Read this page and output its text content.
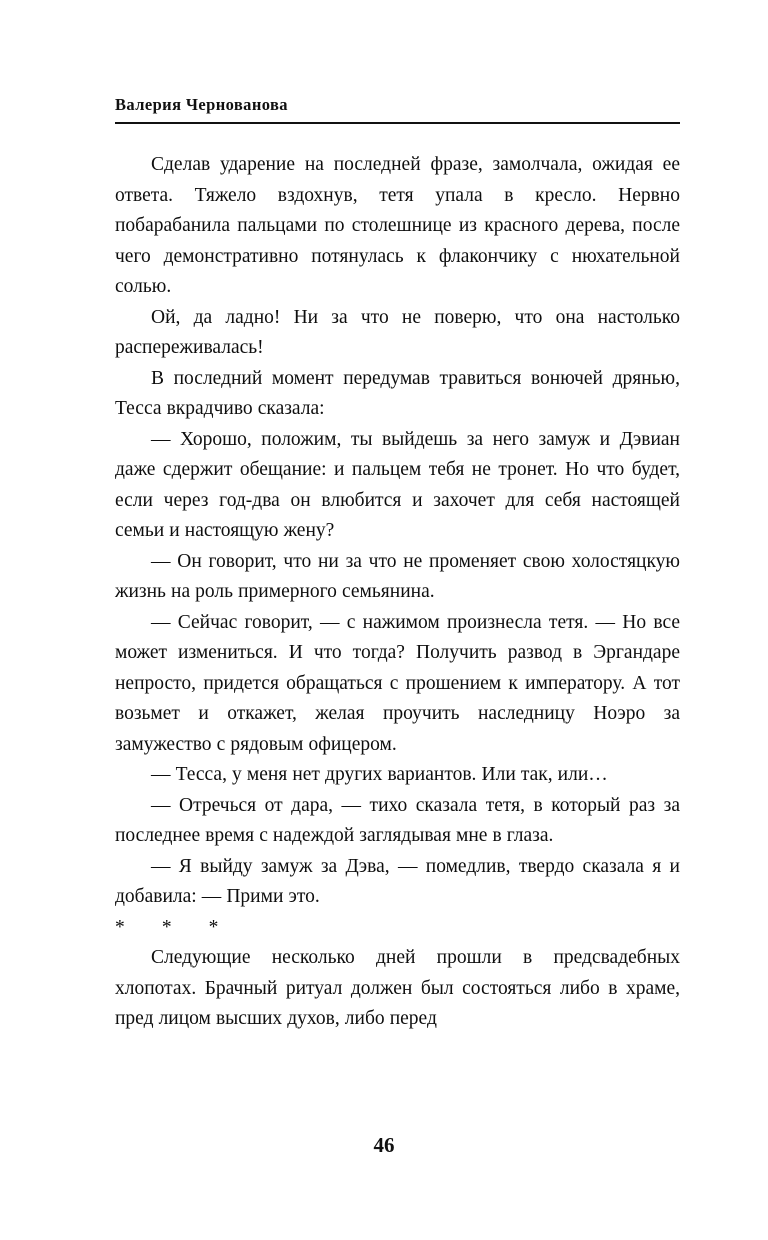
Валерия Чернованова

Сделав ударение на последней фразе, замолчала, ожидая ее ответа. Тяжело вздохнув, тетя упала в кресло. Нервно побарабанила пальцами по столешнице из красного дерева, после чего демонстративно потянулась к флакончику с нюхательной солью.

Ой, да ладно! Ни за что не поверю, что она настолько распереживалась!

В последний момент передумав травиться вонючей дрянью, Тесса вкрадчиво сказала:

— Хорошо, положим, ты выйдешь за него замуж и Дэвиан даже сдержит обещание: и пальцем тебя не тронет. Но что будет, если через год-два он влюбится и захочет для себя настоящей семьи и настоящую жену?

— Он говорит, что ни за что не променяет свою холостяцкую жизнь на роль примерного семьянина.

— Сейчас говорит, — с нажимом произнесла тетя. — Но все может измениться. И что тогда? Получить развод в Эргандаре непросто, придется обращаться с прошением к императору. А тот возьмет и откажет, желая проучить наследницу Ноэро за замужество с рядовым офицером.

— Тесса, у меня нет других вариантов. Или так, или…

— Отречься от дара, — тихо сказала тетя, в который раз за последнее время с надеждой заглядывая мне в глаза.

— Я выйду замуж за Дэва, — помедлив, твердо сказала я и добавила: — Прими это.

* * *

Следующие несколько дней прошли в предсвадебных хлопотах. Брачный ритуал должен был состояться либо в храме, пред лицом высших духов, либо перед

46
